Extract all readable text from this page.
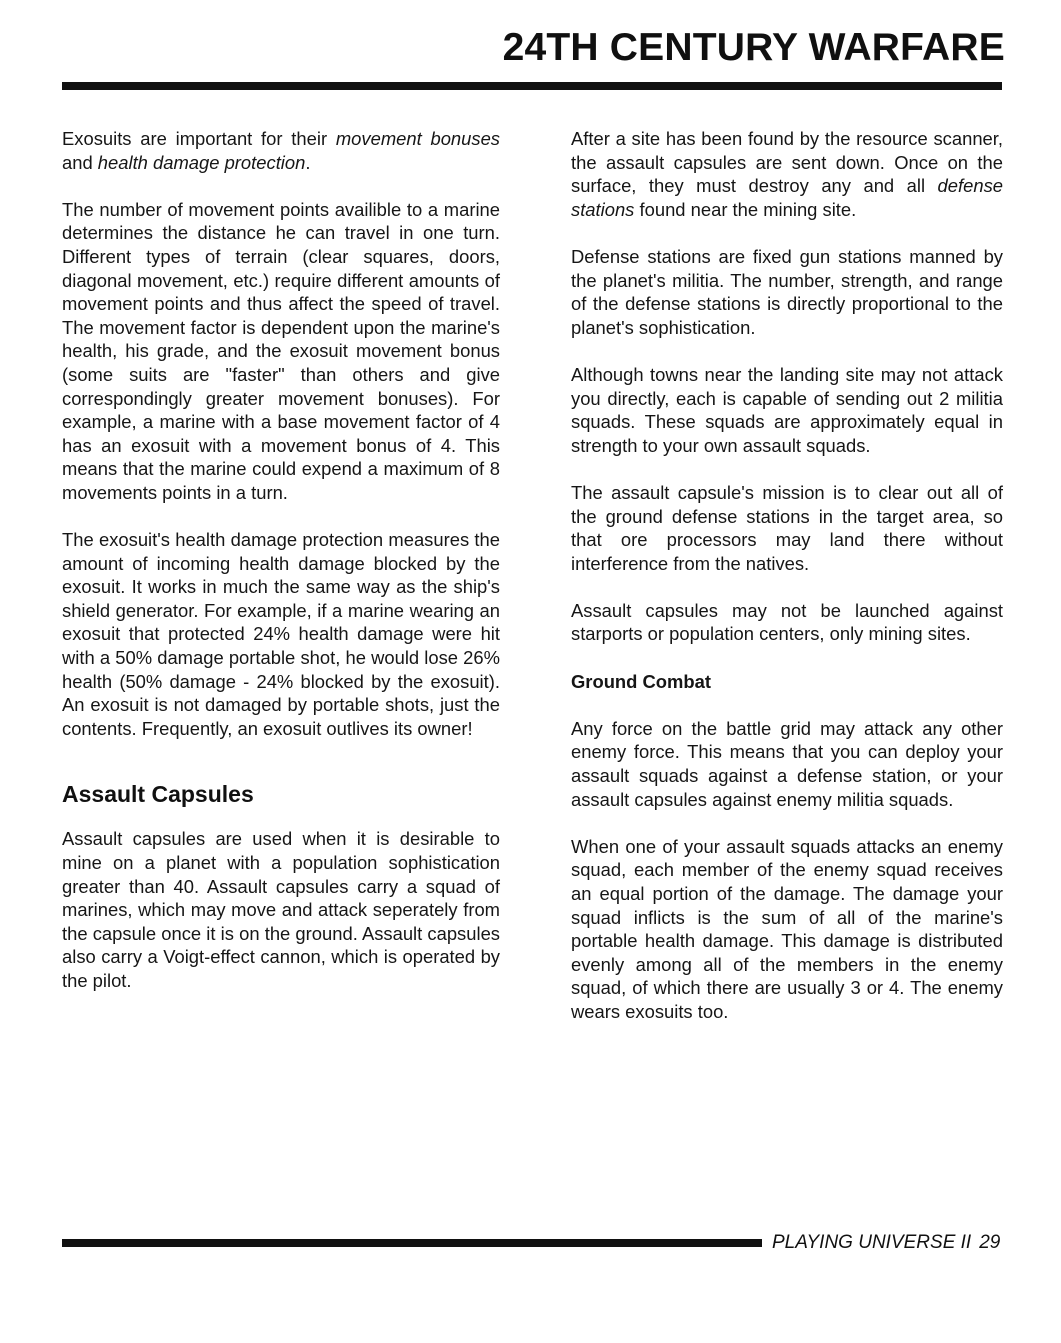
24TH CENTURY WARFARE

Exosuits are important for their movement bonuses and health damage protection.

The number of movement points availible to a marine determines the distance he can travel in one turn. Different types of terrain (clear squares, doors, diagonal movement, etc.) require different amounts of movement points and thus affect the speed of travel. The movement factor is dependent upon the marine's health, his grade, and the exosuit movement bonus (some suits are "faster" than others and give correspondingly greater movement bonuses). For example, a marine with a base movement factor of 4 has an exosuit with a movement bonus of 4. This means that the marine could expend a maximum of 8 movements points in a turn.

The exosuit's health damage protection measures the amount of incoming health damage blocked by the exosuit. It works in much the same way as the ship's shield generator. For example, if a marine wearing an exosuit that protected 24% health damage were hit with a 50% damage portable shot, he would lose 26% health (50% damage - 24% blocked by the exosuit). An exosuit is not damaged by portable shots, just the contents. Frequently, an exosuit outlives its owner!

Assault Capsules

Assault capsules are used when it is desirable to mine on a planet with a population sophistication greater than 40. Assault capsules carry a squad of marines, which may move and attack seperately from the capsule once it is on the ground. Assault capsules also carry a Voigt-effect cannon, which is operated by the pilot.

After a site has been found by the resource scanner, the assault capsules are sent down. Once on the surface, they must destroy any and all defense stations found near the mining site.

Defense stations are fixed gun stations manned by the planet's militia. The number, strength, and range of the defense stations is directly proportional to the planet's sophistication.

Although towns near the landing site may not attack you directly, each is capable of sending out 2 militia squads. These squads are approximately equal in strength to your own assault squads.

The assault capsule's mission is to clear out all of the ground defense stations in the target area, so that ore processors may land there without interference from the natives.

Assault capsules may not be launched against starports or population centers, only mining sites.

Ground Combat

Any force on the battle grid may attack any other enemy force. This means that you can deploy your assault squads against a defense station, or your assault capsules against enemy militia squads.

When one of your assault squads attacks an enemy squad, each member of the enemy squad receives an equal portion of the damage. The damage your squad inflicts is the sum of all of the marine's portable health damage. This damage is distributed evenly among all of the members in the enemy squad, of which there are usually 3 or 4. The enemy wears exosuits too.

PLAYING UNIVERSE II 29
